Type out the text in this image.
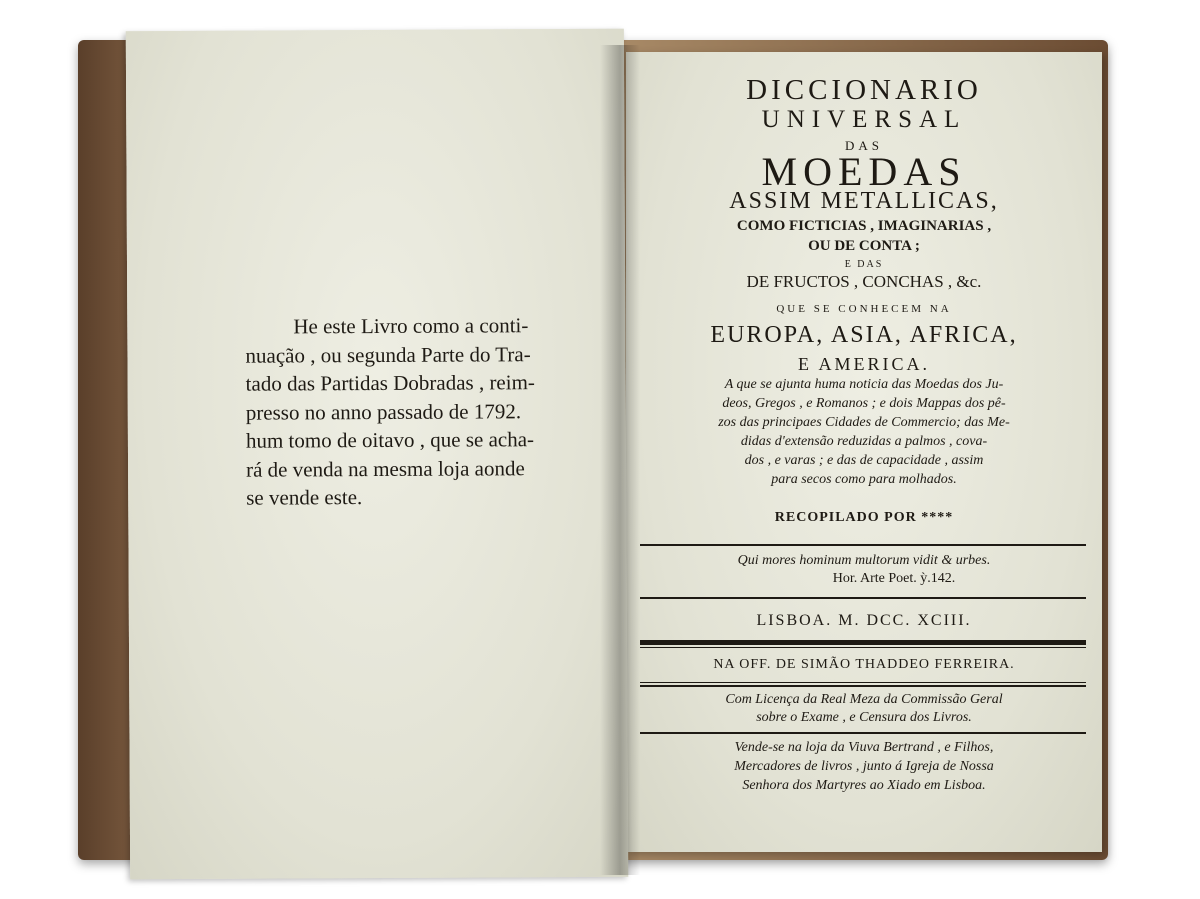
He este Livro como a conti-
nuação , ou segunda Parte do Tra-
tado das Partidas Dobradas , reim-
presso no anno passado de 1792.
hum tomo de oitavo , que se acha-
rá de venda na mesma loja aonde
se vende este.
DICCIONARIO
UNIVERSAL
DAS
MOEDAS
ASSIM METALLICAS,
COMO FICTICIAS , IMAGINARIAS ,
OU DE CONTA ;
E DAS
DE FRUCTOS , CONCHAS , &c.
QUE SE CONHECEM NA
EUROPA, ASIA, AFRICA,
E AMERICA.
A que se ajunta huma noticia das Moedas dos Ju-
deos, Gregos , e Romanos ; e dois Mappas dos pê-
zos das principaes Cidades de Commercio; das Me-
didas d'extensão reduzidas a palmos , cova-
dos , e varas ; e das de capacidade , assim
para secos como para molhados.
RECOPILADO POR ****
Qui mores hominum multorum vidit & urbes.
Hor. Arte Poet. ỳ.142.
LISBOA. M. DCC. XCIII.
NA OFF. DE SIMÃO THADDEO FERREIRA.
Com Licença da Real Meza da Commissão Geral
sobre o Exame , e Censura dos Livros.
Vende-se na loja da Viuva Bertrand , e Filhos,
Mercadores de livros , junto á Igreja de Nossa
Senhora dos Martyres ao Xiado em Lisboa.
